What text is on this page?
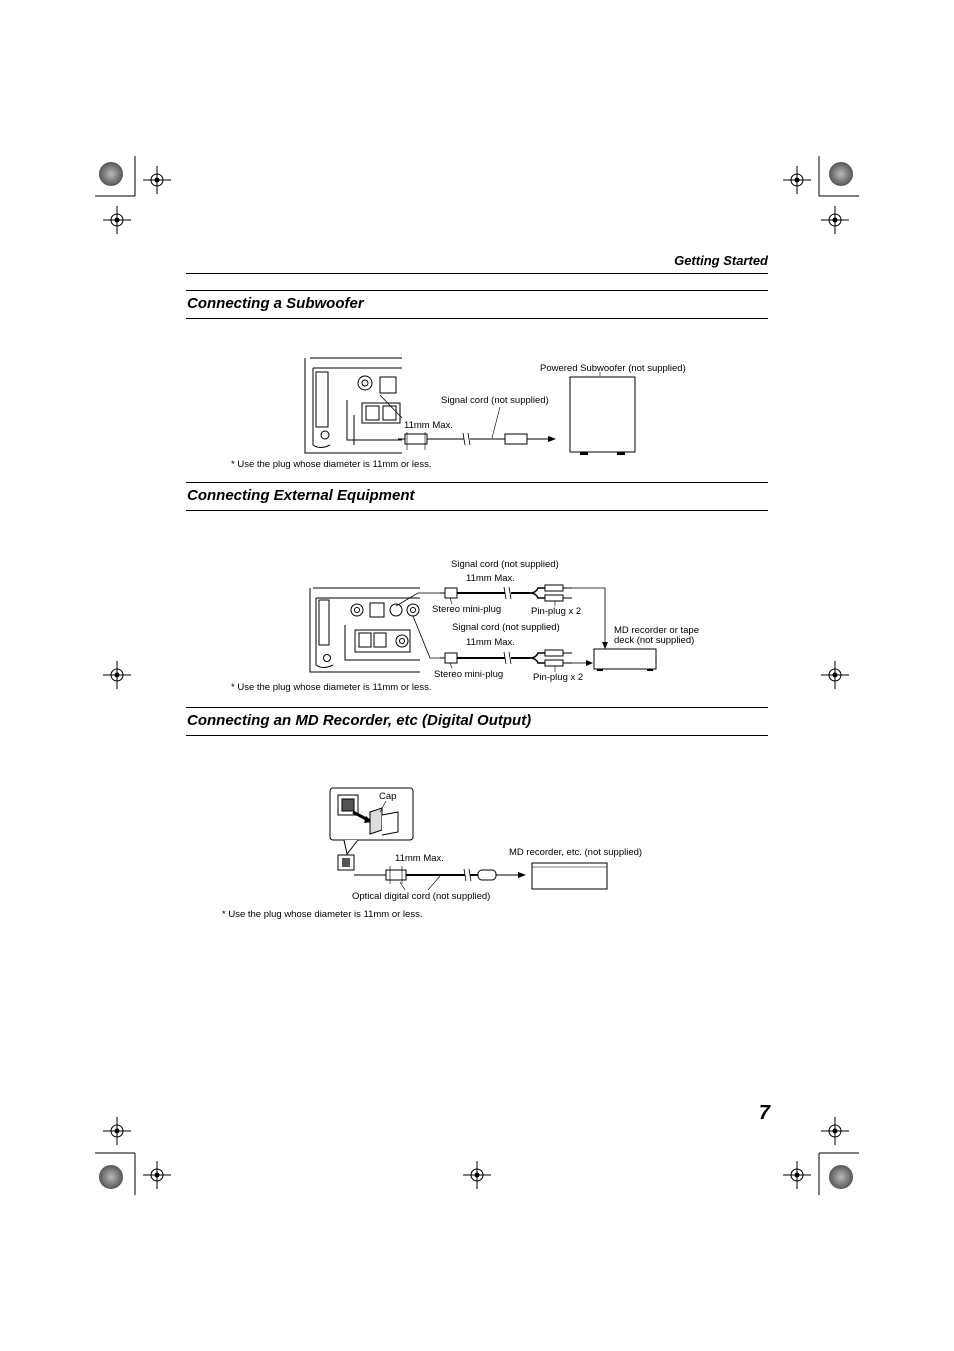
Getting Started
Connecting a Subwoofer
Powered Subwoofer (not supplied)
Signal cord (not supplied)
11mm Max.
* Use the plug whose diameter is 11mm or less.
Connecting External Equipment
Signal cord (not supplied)
11mm Max.
Stereo mini-plug	Pin-plug x 2
Signal cord (not supplied)
11mm Max.
Stereo mini-plug	Pin-plug x 2
MD recorder or tape
deck (not supplied)
* Use the plug whose diameter is 11mm or less.
Connecting an MD Recorder, etc (Digital Output)
Cap
11mm Max.
MD recorder, etc. (not supplied)
Optical digital cord (not supplied)
* Use the plug whose diameter is 11mm or less.
7
